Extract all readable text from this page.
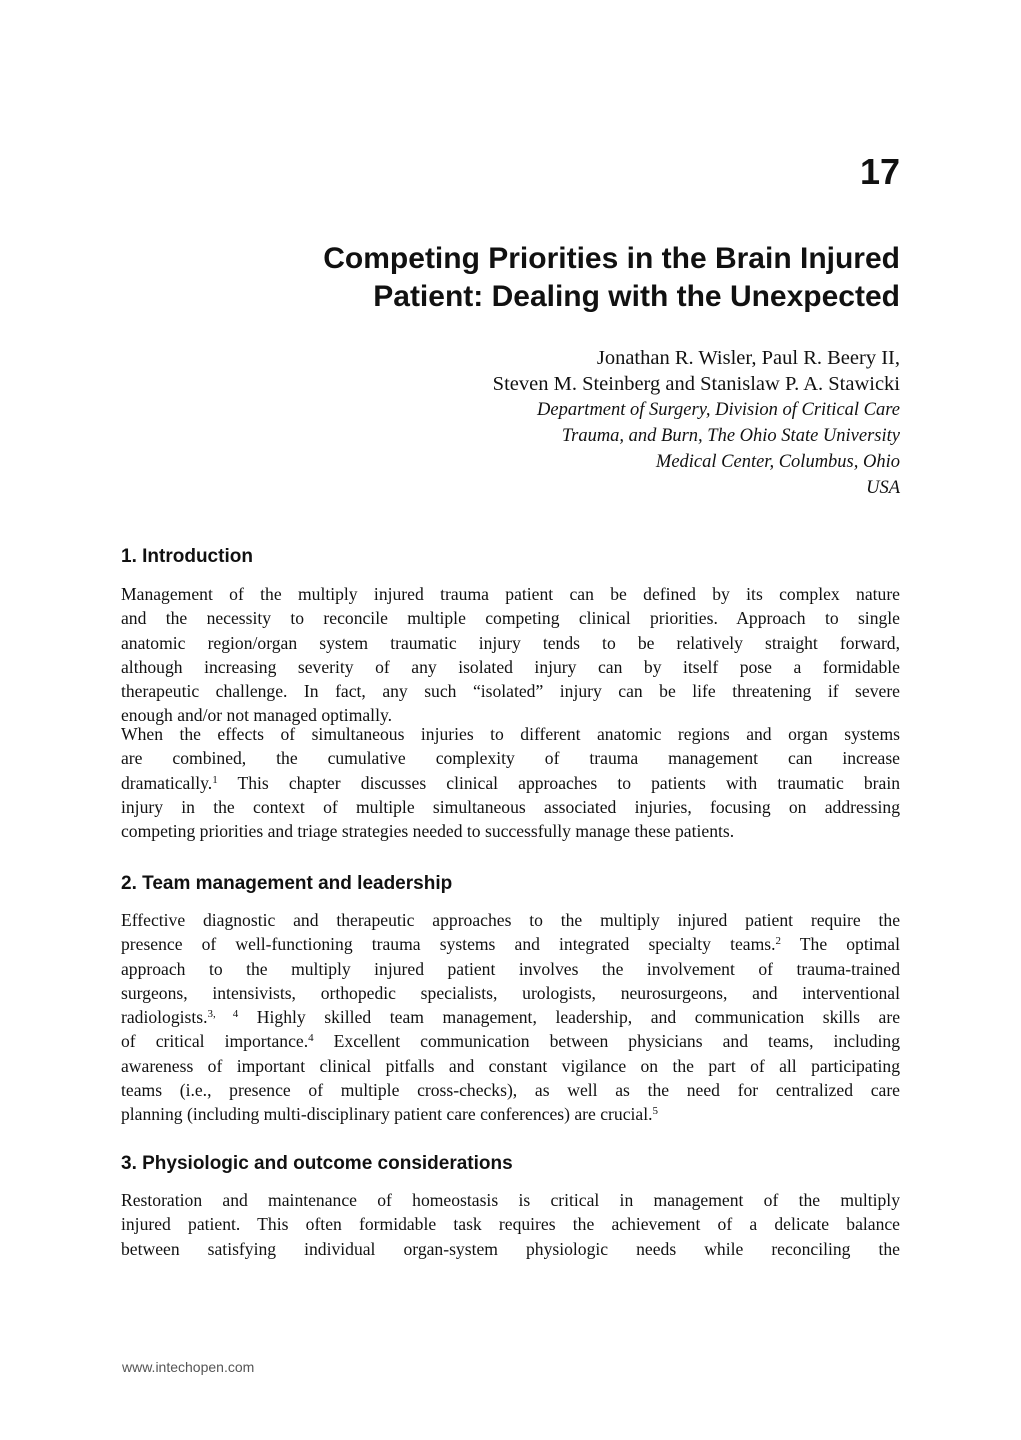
17
Competing Priorities in the Brain Injured
Patient: Dealing with the Unexpected
Jonathan R. Wisler, Paul R. Beery II,
Steven M. Steinberg and Stanislaw P. A. Stawicki
Department of Surgery, Division of Critical Care
Trauma, and Burn, The Ohio State University
Medical Center, Columbus, Ohio
USA
1. Introduction
Management of the multiply injured trauma patient can be defined by its complex nature
and the necessity to reconcile multiple competing clinical priorities. Approach to single
anatomic region/organ system traumatic injury tends to be relatively straight forward,
although increasing severity of any isolated injury can by itself pose a formidable
therapeutic challenge. In fact, any such “isolated” injury can be life threatening if severe
enough and/or not managed optimally.
When the effects of simultaneous injuries to different anatomic regions and organ systems
are combined, the cumulative complexity of trauma management can increase
dramatically.$^1$ This chapter discusses clinical approaches to patients with traumatic brain
injury in the context of multiple simultaneous associated injuries, focusing on addressing
competing priorities and triage strategies needed to successfully manage these patients.
2. Team management and leadership
Effective diagnostic and therapeutic approaches to the multiply injured patient require the
presence of well-functioning trauma systems and integrated specialty teams.$^2$ The optimal
approach to the multiply injured patient involves the involvement of trauma-trained
surgeons, intensivists, orthopedic specialists, urologists, neurosurgeons, and interventional
radiologists.$^{3, 4}$ Highly skilled team management, leadership, and communication skills are
of critical importance.$^4$ Excellent communication between physicians and teams, including
awareness of important clinical pitfalls and constant vigilance on the part of all participating
teams (i.e., presence of multiple cross-checks), as well as the need for centralized care
planning (including multi-disciplinary patient care conferences) are crucial.$^5$
3. Physiologic and outcome considerations
Restoration and maintenance of homeostasis is critical in management of the multiply
injured patient. This often formidable task requires the achievement of a delicate balance
between satisfying individual organ-system physiologic needs while reconciling the
www.intechopen.com
